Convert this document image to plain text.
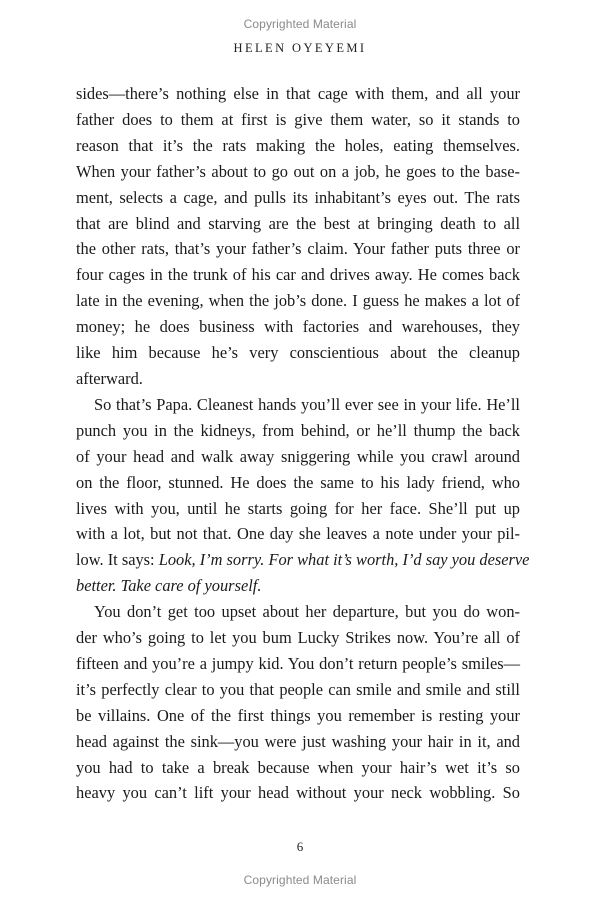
Copyrighted Material
HELEN OYEYEMI
sides—there’s nothing else in that cage with them, and all your
father does to them at first is give them water, so it stands to
reason that it’s the rats making the holes, eating themselves.
When your father’s about to go out on a job, he goes to the base-
ment, selects a cage, and pulls its inhabitant’s eyes out. The rats
that are blind and starving are the best at bringing death to all
the other rats, that’s your father’s claim. Your father puts three or
four cages in the trunk of his car and drives away. He comes back
late in the evening, when the job’s done. I guess he makes a lot of
money; he does business with factories and warehouses, they
like him because he’s very conscientious about the cleanup
afterward.
So that’s Papa. Cleanest hands you’ll ever see in your life. He’ll
punch you in the kidneys, from behind, or he’ll thump the back
of your head and walk away sniggering while you crawl around
on the floor, stunned. He does the same to his lady friend, who
lives with you, until he starts going for her face. She’ll put up
with a lot, but not that. One day she leaves a note under your pil-
low. It says: Look, I’m sorry. For what it’s worth, I’d say you deserve
better. Take care of yourself.
You don’t get too upset about her departure, but you do won-
der who’s going to let you bum Lucky Strikes now. You’re all of
fifteen and you’re a jumpy kid. You don’t return people’s smiles—
it’s perfectly clear to you that people can smile and smile and still
be villains. One of the first things you remember is resting your
head against the sink—you were just washing your hair in it, and
you had to take a break because when your hair’s wet it’s so
heavy you can’t lift your head without your neck wobbling. So
6
Copyrighted Material
